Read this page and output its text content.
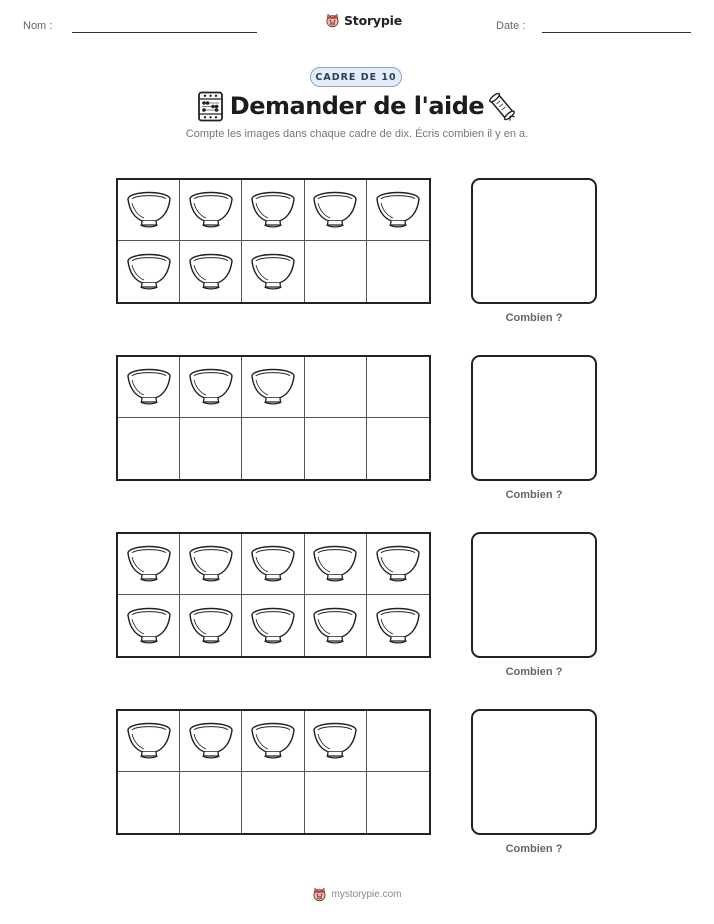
Nom :	Storypie	Date :
CADRE DE 10
Demander de l'aide
Compte les images dans chaque cadre de dix. Écris combien il y en a.
Combien ?
Combien ?
Combien ?
Combien ?
mystorypie.com
